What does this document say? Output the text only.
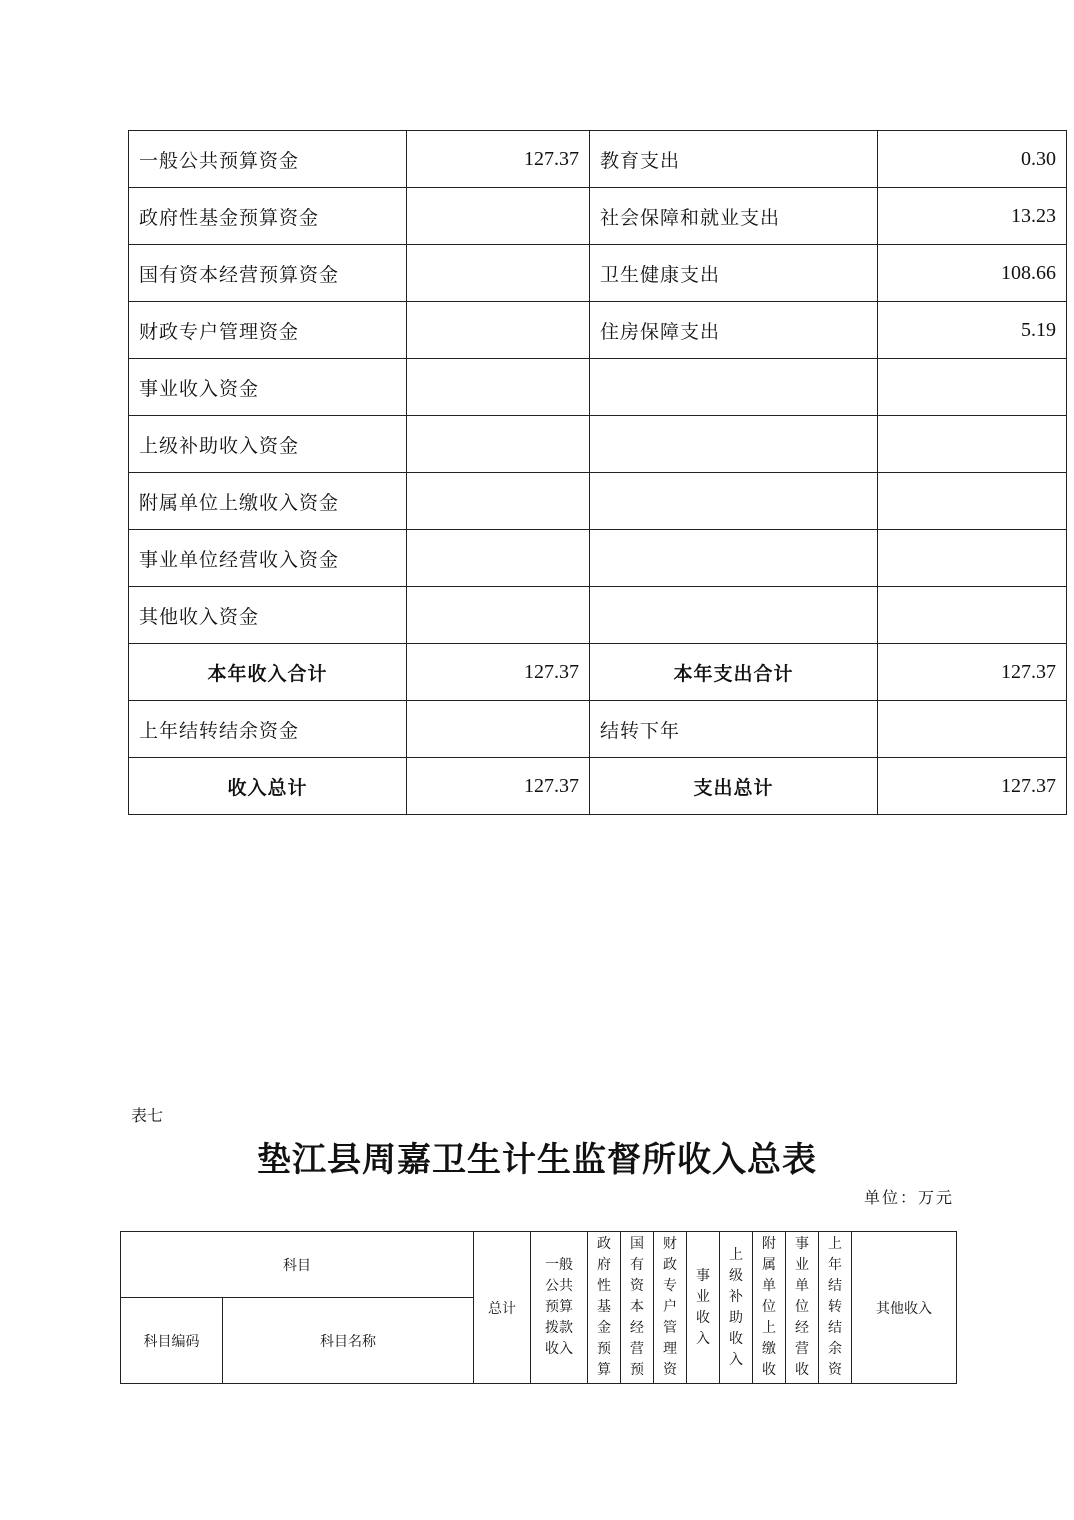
一般公共预算资金	127.37	教育支出	0.30
政府性基金预算资金		社会保障和就业支出	13.23
国有资本经营预算资金		卫生健康支出	108.66
财政专户管理资金		住房保障支出	5.19
事业收入资金			
上级补助收入资金			
附属单位上缴收入资金			
事业单位经营收入资金			
其他收入资金			
本年收入合计	127.37	本年支出合计	127.37
上年结转结余资金		结转下年	
收入总计	127.37	支出总计	127.37
表七
垫江县周嘉卫生计生监督所收入总表
单位：万元
科目		总计	一般公共预算拨款收入	政府性基金预算	国有资本经营预	财政专户管理资	事业收入	上级补助收入	附属单位上缴收	事业单位经营收	上年结转结余资	其他收入
科目编码	科目名称											
